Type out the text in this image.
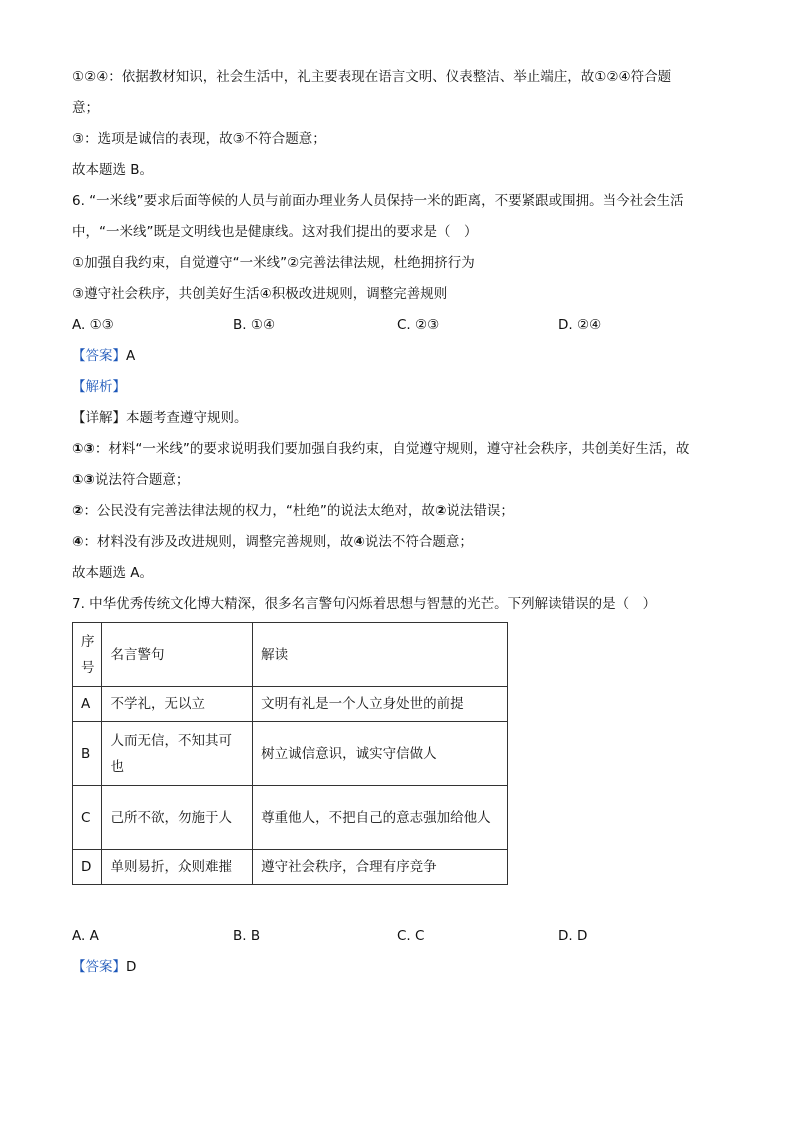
①②④：依据教材知识，社会生活中，礼主要表现在语言文明、仪表整洁、举止端庄，故①②④符合题
意；
③：选项是诚信的表现，故③不符合题意；
故本题选 B。
6. “一米线”要求后面等候的人员与前面办理业务人员保持一米的距离，不要紧跟或围拥。当今社会生活
中，“一米线”既是文明线也是健康线。这对我们提出的要求是（　）
①加强自我约束，自觉遵守“一米线”②完善法律法规，杜绝拥挤行为
③遵守社会秩序，共创美好生活④积极改进规则，调整完善规则
A. ①③	B. ①④	C. ②③	D. ②④
【答案】A
【解析】
【详解】本题考查遵守规则。
①③：材料“一米线”的要求说明我们要加强自我约束，自觉遵守规则，遵守社会秩序，共创美好生活，故
①③说法符合题意；
②：公民没有完善法律法规的权力，“杜绝”的说法太绝对，故②说法错误；
④：材料没有涉及改进规则，调整完善规则，故④说法不符合题意；
故本题选 A。
7. 中华优秀传统文化博大精深，很多名言警句闪烁着思想与智慧的光芒。下列解读错误的是（　）
序号	名言警句	解读
A	不学礼，无以立	文明有礼是一个人立身处世的前提
B	人而无信，不知其可也	树立诚信意识，诚实守信做人
C	己所不欲，勿施于人	尊重他人，不把自己的意志强加给他人
D	单则易折，众则难摧	遵守社会秩序，合理有序竞争
A. A	B. B	C. C	D. D
【答案】D
